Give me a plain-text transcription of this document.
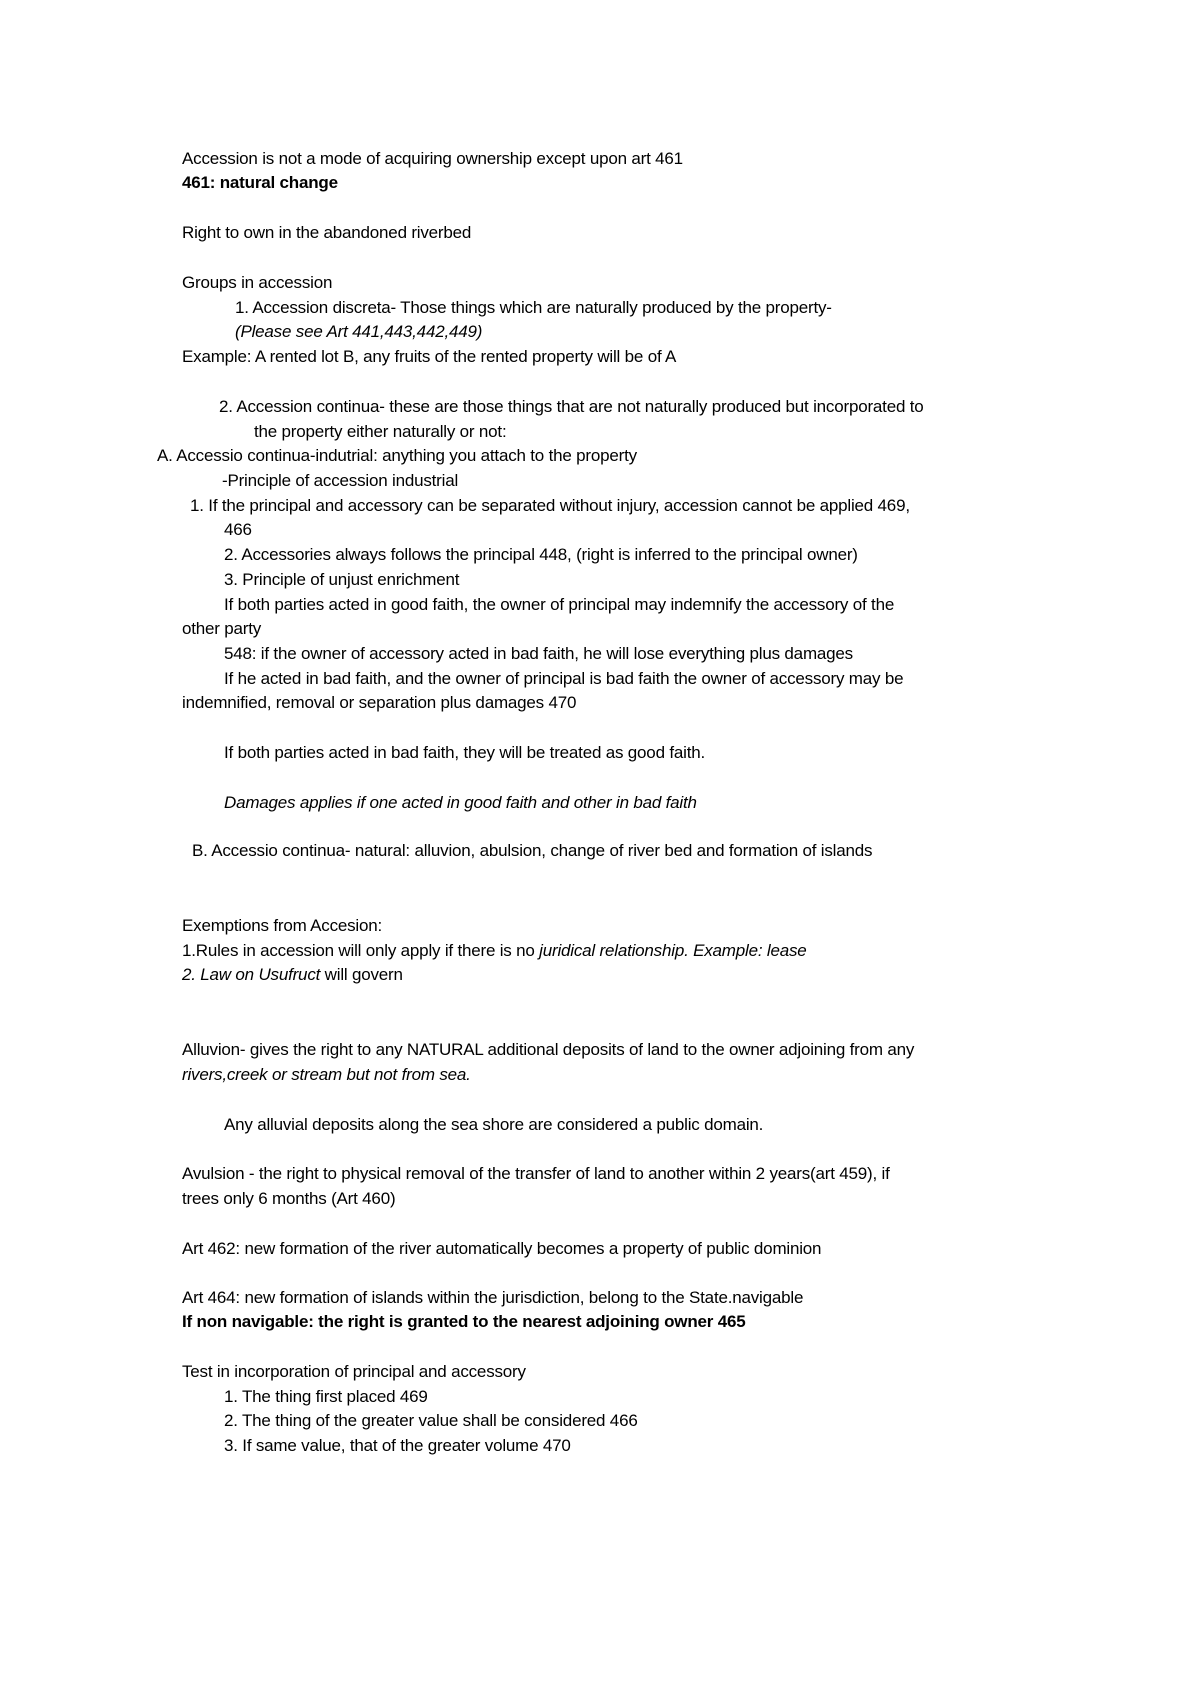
Accession is not a mode of acquiring ownership except upon art 461
461: natural change
Right to own in the abandoned riverbed
Groups in accession
1. Accession discreta- Those things which are naturally produced by the property-
(Please see Art 441,443,442,449)
Example: A rented lot B, any fruits of the rented property will be of A
2. Accession continua- these are those things that are not naturally produced but incorporated to
the property either naturally or not:
A. Accessio continua-indutrial: anything you attach to the property
-Principle of accession industrial
1. If the principal and accessory can be separated without injury, accession cannot be applied 469,
466
2. Accessories always follows the principal 448, (right is inferred to the principal owner)
3. Principle of unjust enrichment
If both parties acted in good faith, the owner of principal may indemnify the accessory of the
other party
548: if the owner of accessory acted in bad faith, he will lose everything plus damages
If he acted in bad faith, and the owner of principal is bad faith the owner of accessory may be
indemnified, removal or separation plus damages 470
If both parties acted in bad faith, they will be treated as good faith.
Damages applies if one acted in good faith and other in bad faith
B. Accessio continua- natural: alluvion, abulsion, change of river bed and formation of islands
Exemptions from Accesion:
1.Rules in accession will only apply if there is no juridical relationship. Example: lease
2. Law on Usufruct will govern
Alluvion- gives the right to any NATURAL additional deposits of land to the owner adjoining from any
rivers,creek or stream but not from sea.
Any alluvial deposits along the sea shore are considered a public domain.
Avulsion - the right to physical removal of the transfer of land to another within 2 years(art 459), if
trees only 6 months (Art 460)
Art 462: new formation of the river automatically becomes a property of public dominion
Art 464: new formation of islands within the jurisdiction, belong to the State.navigable
If non navigable: the right is granted to the nearest adjoining owner 465
Test in incorporation of principal and accessory
1. The thing first placed 469
2. The thing of the greater value shall be considered 466
3. If same value, that of the greater volume 470
